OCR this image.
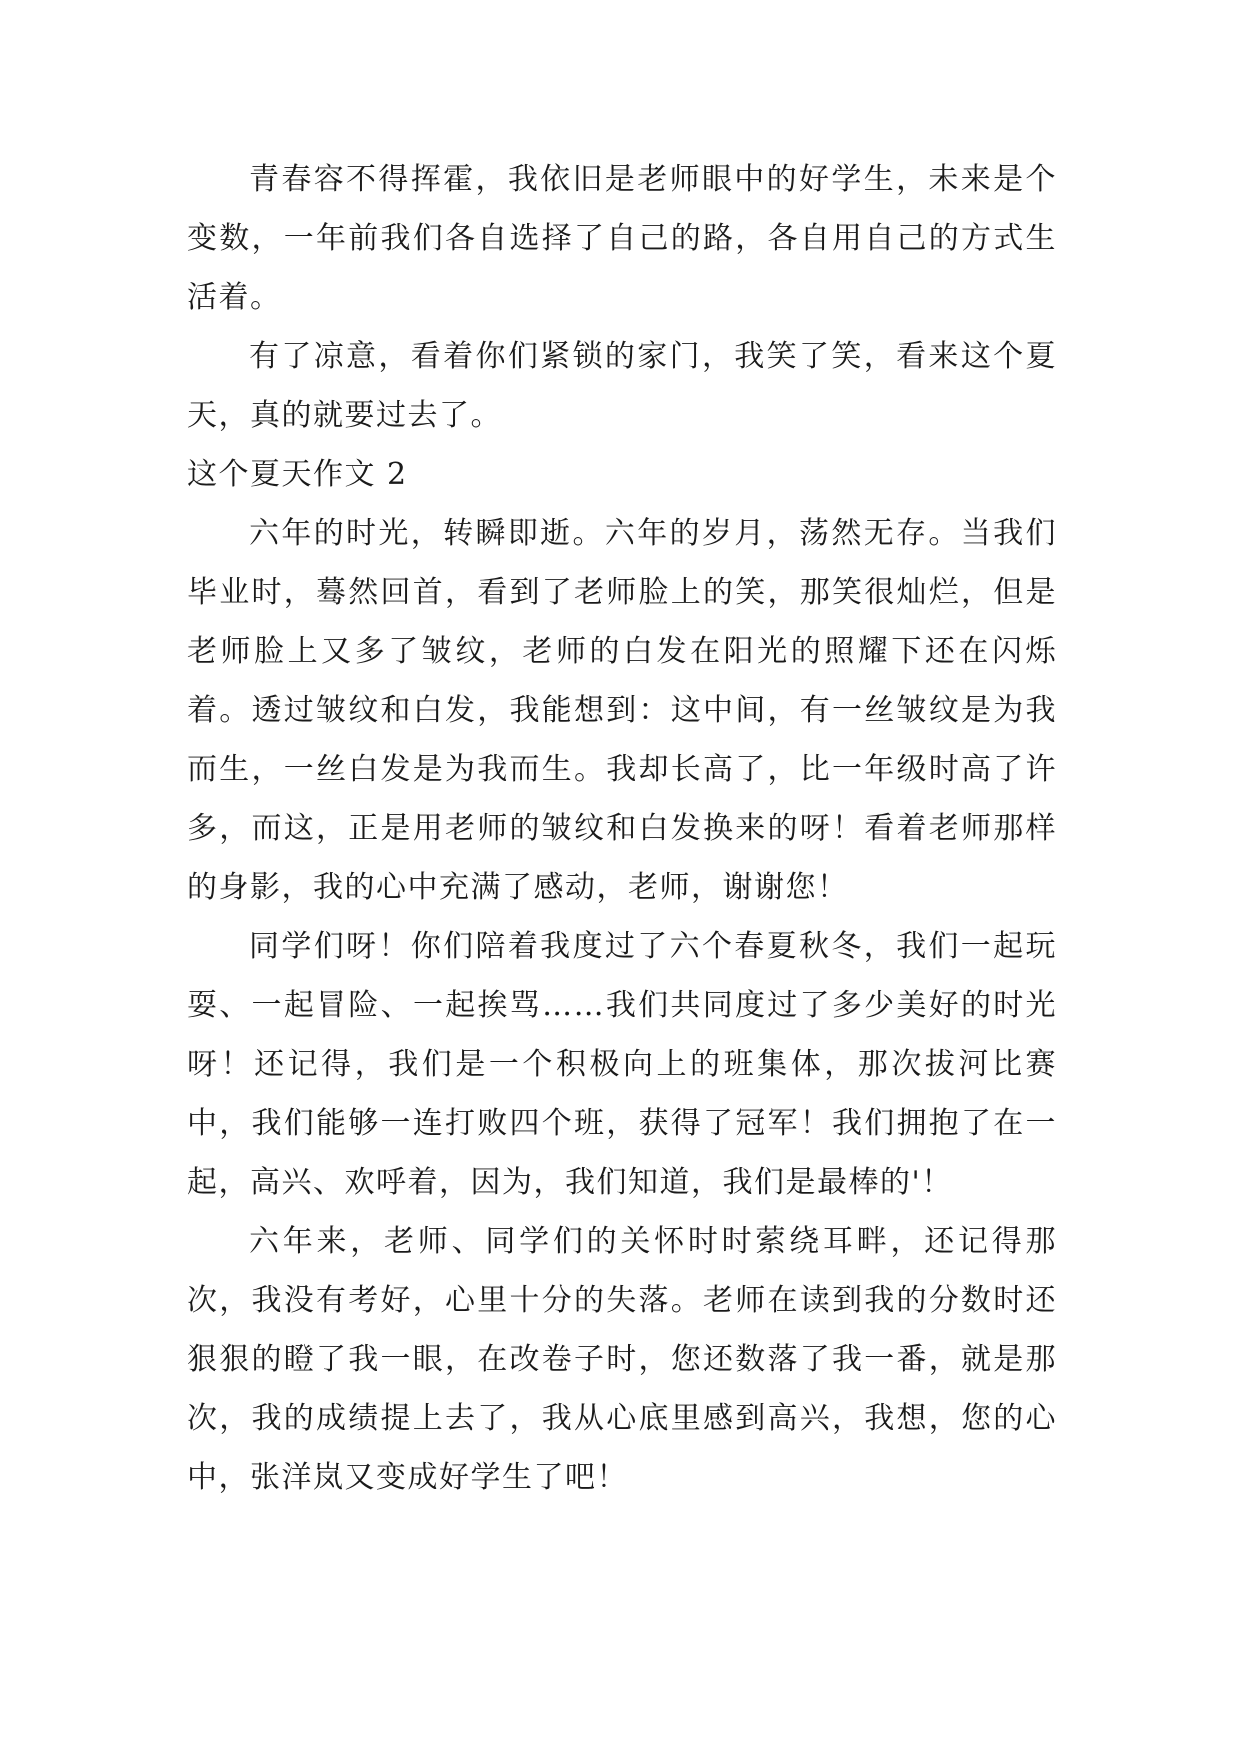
青春容不得挥霍，我依旧是老师眼中的好学生，未来是个变数，一年前我们各自选择了自己的路，各自用自己的方式生活着。

有了凉意，看着你们紧锁的家门，我笑了笑，看来这个夏天，真的就要过去了。

这个夏天作文 2

六年的时光，转瞬即逝。六年的岁月，荡然无存。当我们毕业时，蓦然回首，看到了老师脸上的笑，那笑很灿烂，但是老师脸上又多了皱纹，老师的白发在阳光的照耀下还在闪烁着。透过皱纹和白发，我能想到：这中间，有一丝皱纹是为我而生，一丝白发是为我而生。我却长高了，比一年级时高了许多，而这，正是用老师的皱纹和白发换来的呀！看着老师那样的身影，我的心中充满了感动，老师，谢谢您！

同学们呀！你们陪着我度过了六个春夏秋冬，我们一起玩耍、一起冒险、一起挨骂……我们共同度过了多少美好的时光呀！还记得，我们是一个积极向上的班集体，那次拔河比赛中，我们能够一连打败四个班，获得了冠军！我们拥抱了在一起，高兴、欢呼着，因为，我们知道，我们是最棒的'！

六年来，老师、同学们的关怀时时萦绕耳畔，还记得那次，我没有考好，心里十分的失落。老师在读到我的分数时还狠狠的瞪了我一眼，在改卷子时，您还数落了我一番，就是那次，我的成绩提上去了，我从心底里感到高兴，我想，您的心中，张洋岚又变成好学生了吧！
